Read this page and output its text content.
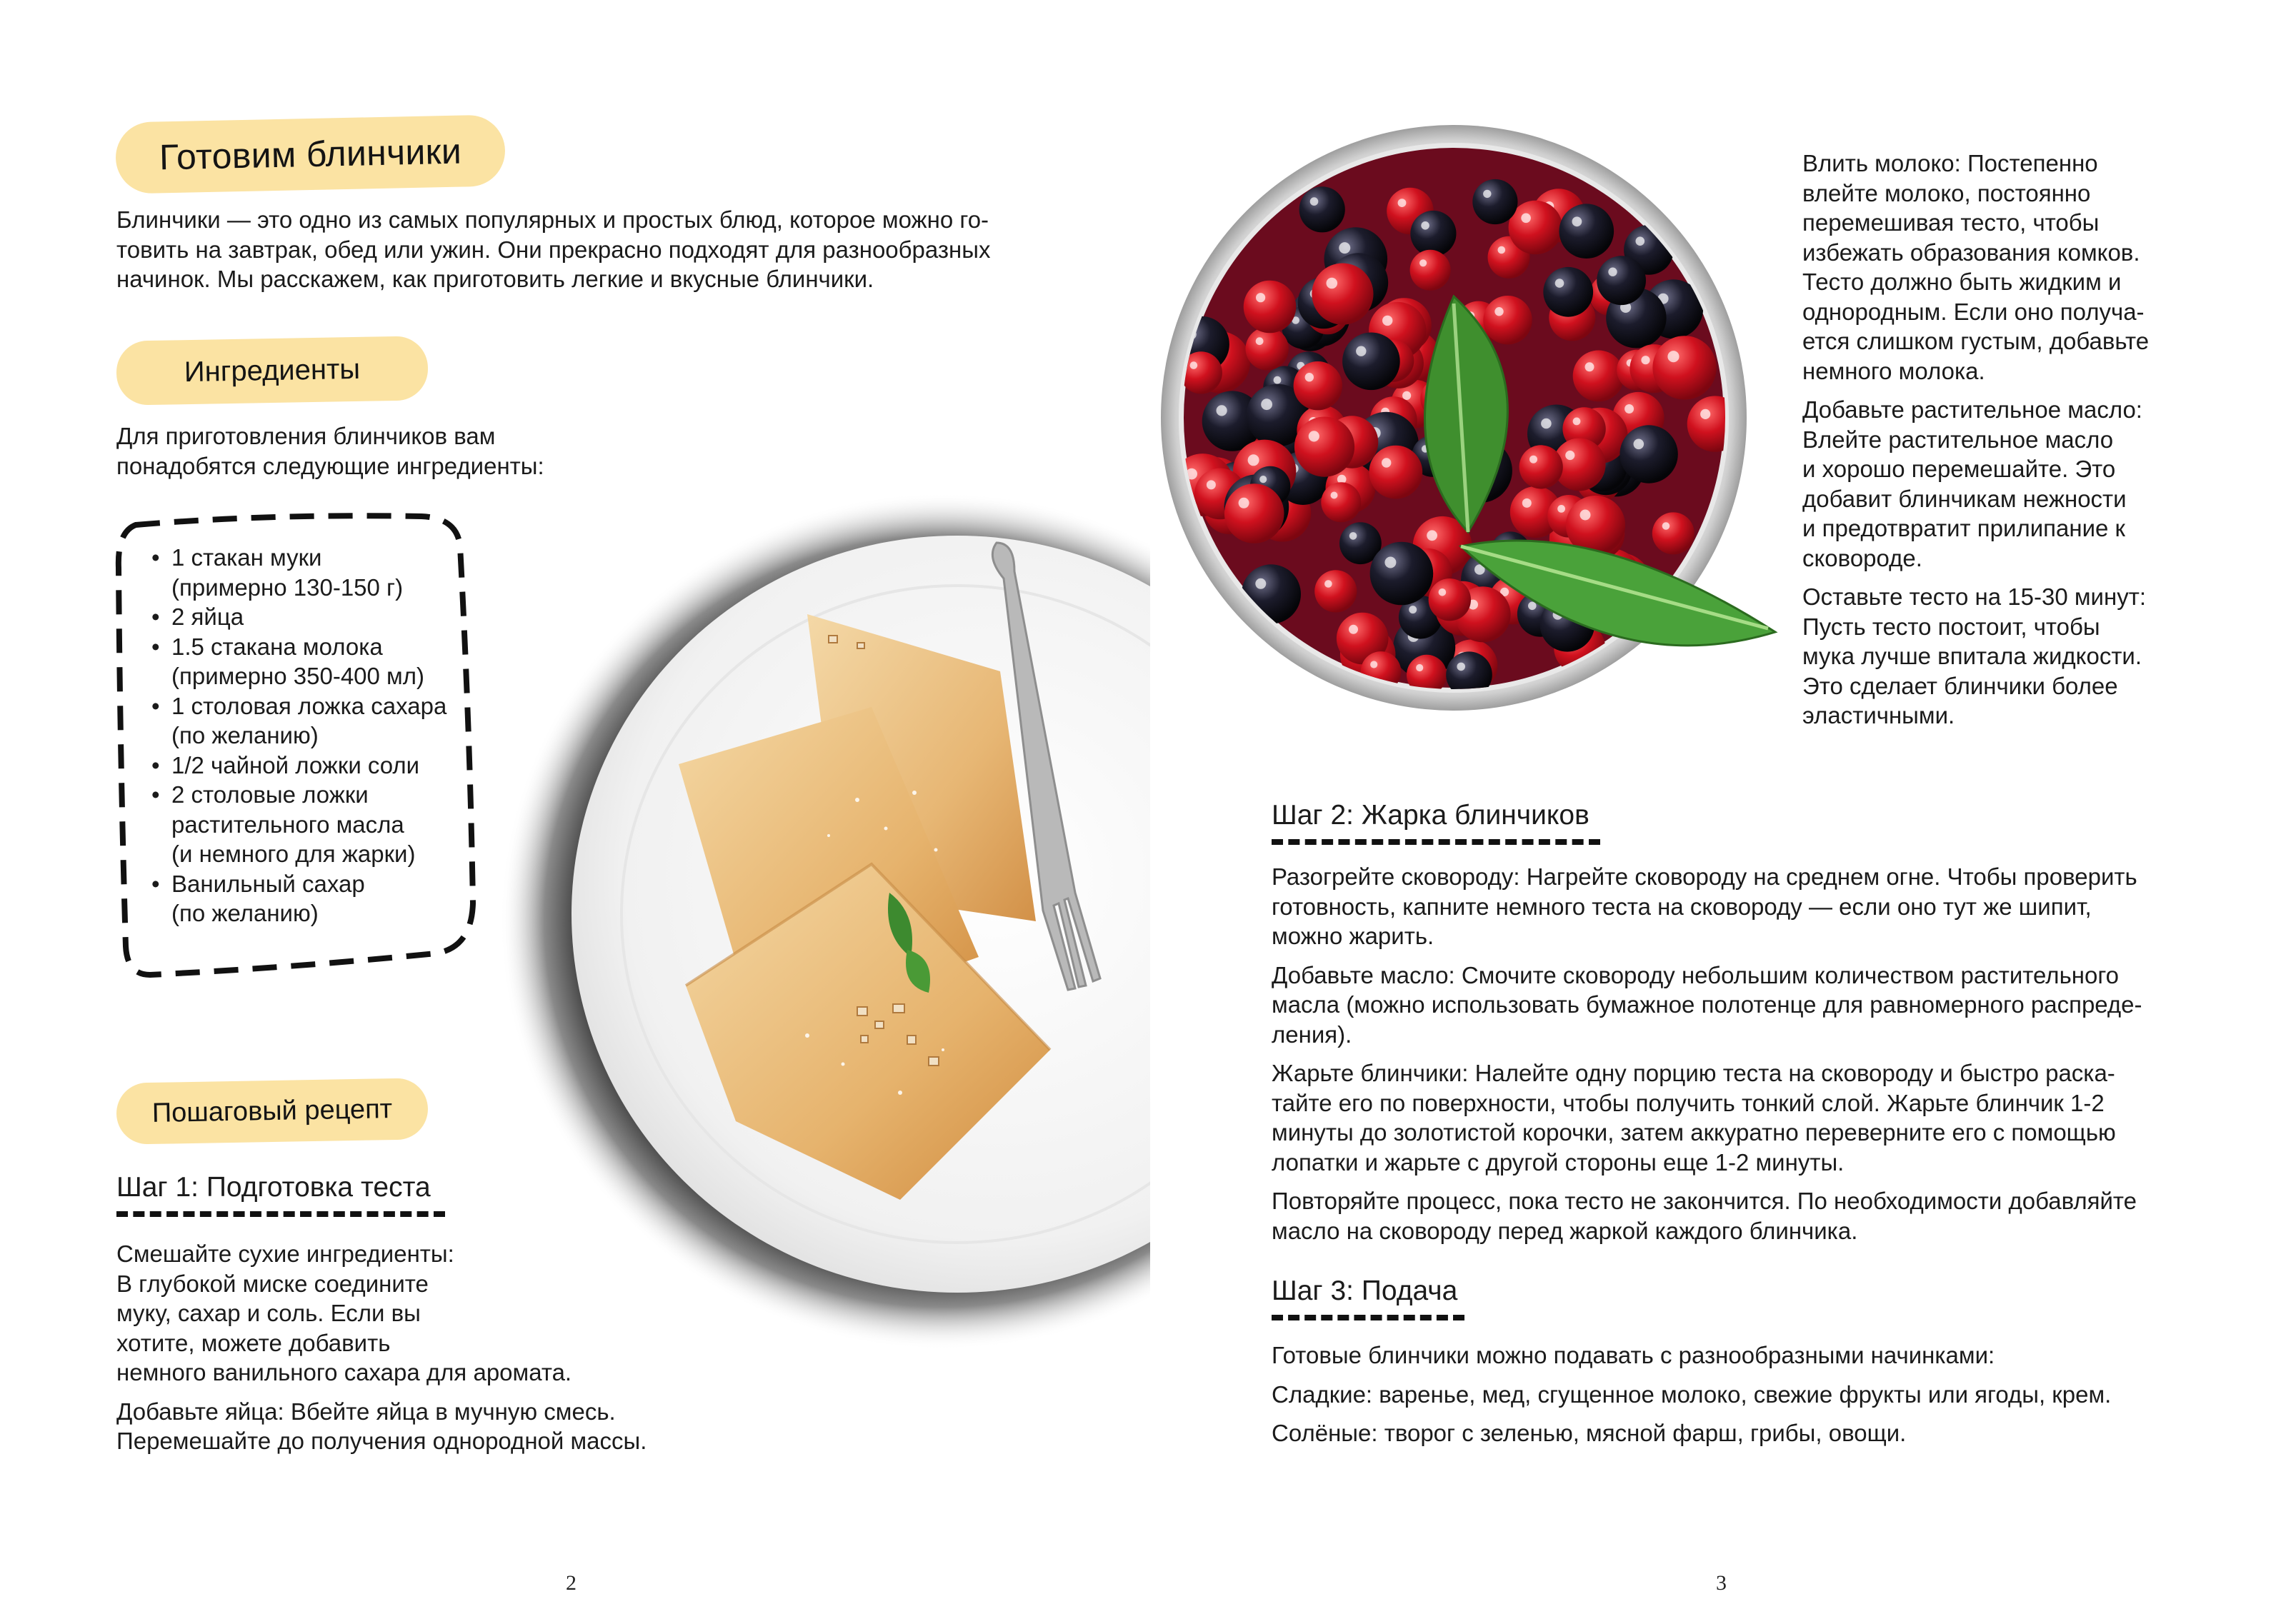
Готовим блинчики

Блинчики — это одно из самых популярных и простых блюд, которое можно го-
товить на завтрак, обед или ужин. Они прекрасно подходят для разнообразных
начинок. Мы расскажем, как приготовить легкие и вкусные блинчики.

Ингредиенты

Для приготовления блинчиков вам
понадобятся следующие ингредиенты:

• 1 стакан муки
(примерно 130-150 г)
• 2 яйца
• 1.5 стакана молока
(примерно 350-400 мл)
• 1 столовая ложка сахара
(по желанию)
• 1/2 чайной ложки соли
• 2 столовые ложки
растительного масла
(и немного для жарки)
• Ванильный сахар
(по желанию)
Пошаговый рецепт
Шаг 1: Подготовка теста

Смешайте сухие ингредиенты:
В глубокой миске соедините
муку, сахар и соль. Если вы
хотите, можете добавить
немного ванильного сахара для аромата.

Добавьте яйца: Вбейте яйца в мучную смесь.
Перемешайте до получения однородной массы.

2

Влить молоко: Постепенно
влейте молоко, постоянно
перемешивая тесто, чтобы
избежать образования комков.
Тесто должно быть жидким и
однородным. Если оно получа-
ется слишком густым, добавьте
немного молока.

Добавьте растительное масло:
Влейте растительное масло
и хорошо перемешайте. Это
добавит блинчикам нежности
и предотвратит прилипание к
сковороде.

Оставьте тесто на 15-30 минут:
Пусть тесто постоит, чтобы
мука лучше впитала жидкости.
Это сделает блинчики более
эластичными.

Шаг 2: Жарка блинчиков

Разогрейте сковороду: Нагрейте сковороду на среднем огне. Чтобы проверить
готовность, капните немного теста на сковороду — если оно тут же шипит,
можно жарить.

Добавьте масло: Смочите сковороду небольшим количеством растительного
масла (можно использовать бумажное полотенце для равномерного распреде-
ления).

Жарьте блинчики: Налейте одну порцию теста на сковороду и быстро раска-
тайте его по поверхности, чтобы получить тонкий слой. Жарьте блинчик 1-2
минуты до золотистой корочки, затем аккуратно переверните его с помощью
лопатки и жарьте с другой стороны еще 1-2 минуты.

Повторяйте процесс, пока тесто не закончится. По необходимости добавляйте
масло на сковороду перед жаркой каждого блинчика.

Шаг 3: Подача

Готовые блинчики можно подавать с разнообразными начинками:

Сладкие: варенье, мед, сгущенное молоко, свежие фрукты или ягоды, крем.

Солёные: творог с зеленью, мясной фарш, грибы, овощи.

3
